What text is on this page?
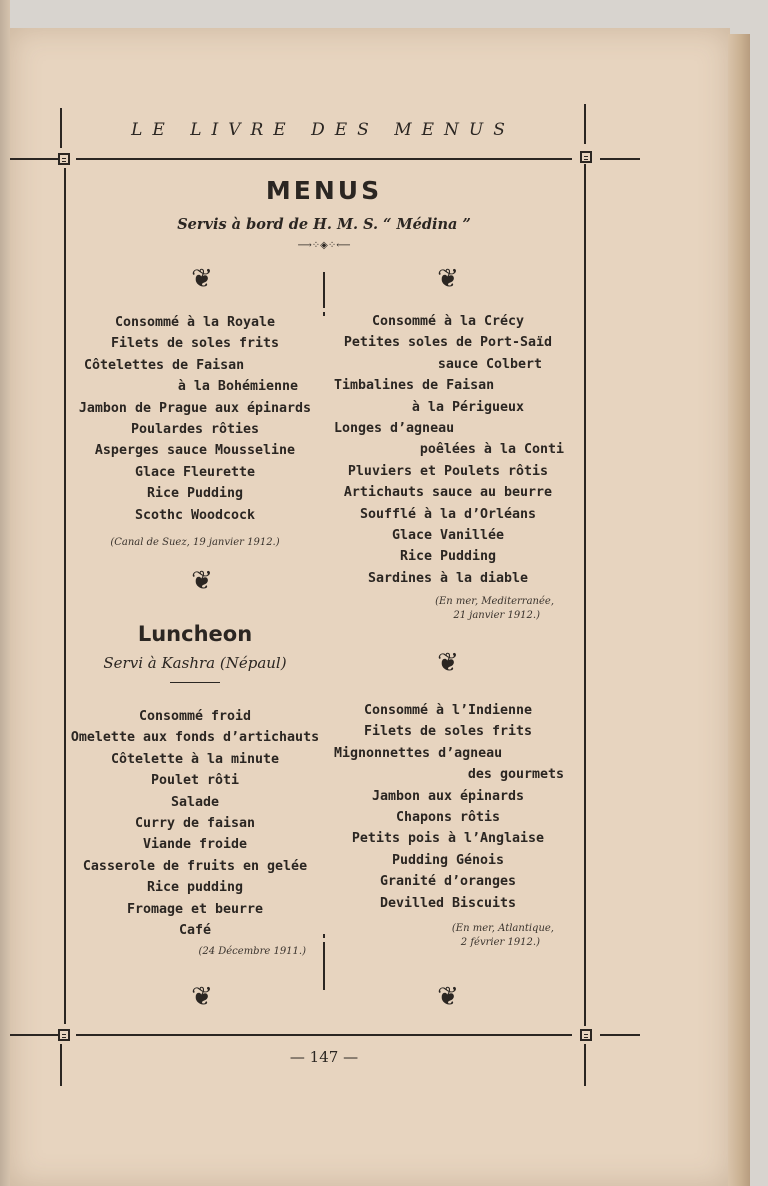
LE LIVRE DES MENUS
MENUS
Servis à bord de H. M. S. “ Médina ”
⟶⁘◈⁘⟵
❦
Consommé à la Royale
Filets de soles frits
Côtelettes de Faisan
à la Bohémienne
Jambon de Prague aux épinards
Poulardes rôties
Asperges sauce Mousseline
Glace Fleurette
Rice Pudding
Scothc Woodcock
(Canal de Suez, 19 janvier 1912.)
❦
Luncheon
Servi à Kashra (Népaul)
Consommé froid
Omelette aux fonds d’artichauts
Côtelette à la minute
Poulet rôti
Salade
Curry de faisan
Viande froide
Casserole de fruits en gelée
Rice pudding
Fromage et beurre
Café
(24 Décembre 1911.)
❦
❦
Consommé à la Crécy
Petites soles de Port-Saïd
sauce Colbert
Timbalines de Faisan
à la Périgueux
Longes d’agneau
poêlées à la Conti
Pluviers et Poulets rôtis
Artichauts sauce au beurre
Soufflé à la d’Orléans
Glace Vanillée
Rice Pudding
Sardines à la diable
(En mer, Mediterranée,
21 janvier 1912.)
❦
Consommé à l’Indienne
Filets de soles frits
Mignonnettes d’agneau
des gourmets
Jambon aux épinards
Chapons rôtis
Petits pois à l’Anglaise
Pudding Génois
Granité d’oranges
Devilled Biscuits
(En mer, Atlantique,
2 février 1912.)
❦
— 147 —
